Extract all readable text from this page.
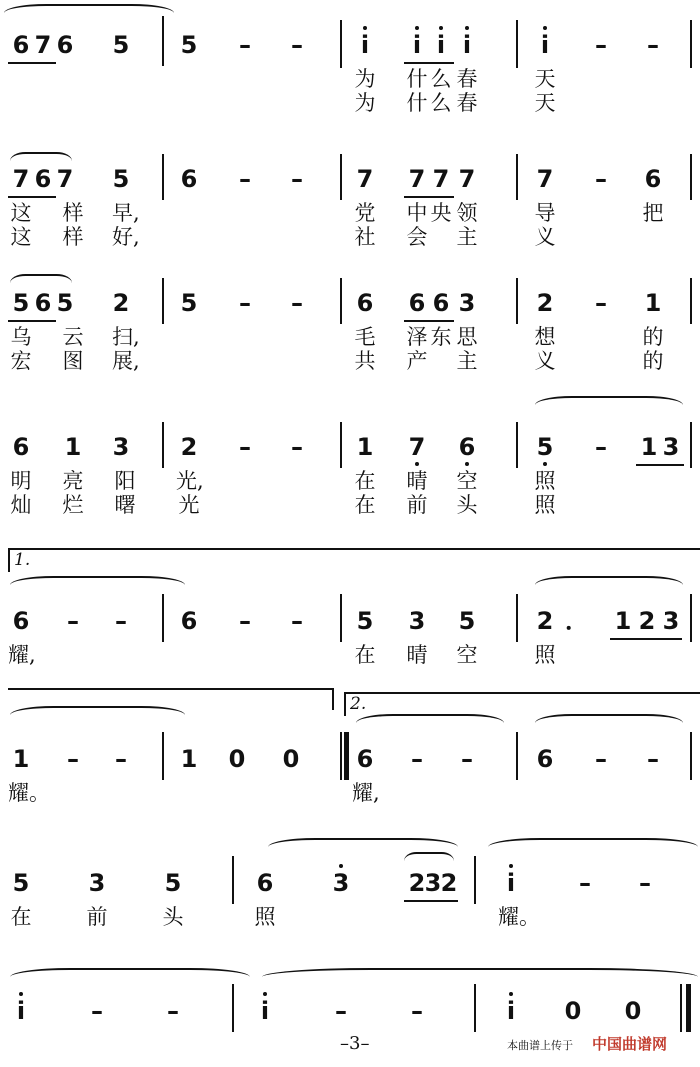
6 7 6 5 5 – –	i	i i i	i	– –
为 什 么 春	天
为 什 么 春	天
7 6 7 5 6 – – 7 7 7 7	7 – 6
这 样 早,	党 中 央 领	导	把
这 样 好,	社 会 主	义
5 6 5 2 5 – – 6 6 6 3	2 – 1
乌 云 扫,	毛 泽 东 思	想	的
宏 图 展,	共 产 主	义	的
6 1 3 2 – – 1 7 6	5 – 1 3
明 亮 阳 光,	在 晴 空	照
灿 烂 曙 光	在 前 头	照
1.
6 – – 6 – – 5 3 5	2 ． 1 2 3
耀,	在 晴 空	照
2.
1 – – 1 0 0 6 – –	6 – –
耀。	耀,
5 3 5	6 3 2 3 2	i	– –
在	前	头	照	耀。
i	–	–	i	–	–	i	0 0
–3–	本曲谱上传于 中国曲谱网
